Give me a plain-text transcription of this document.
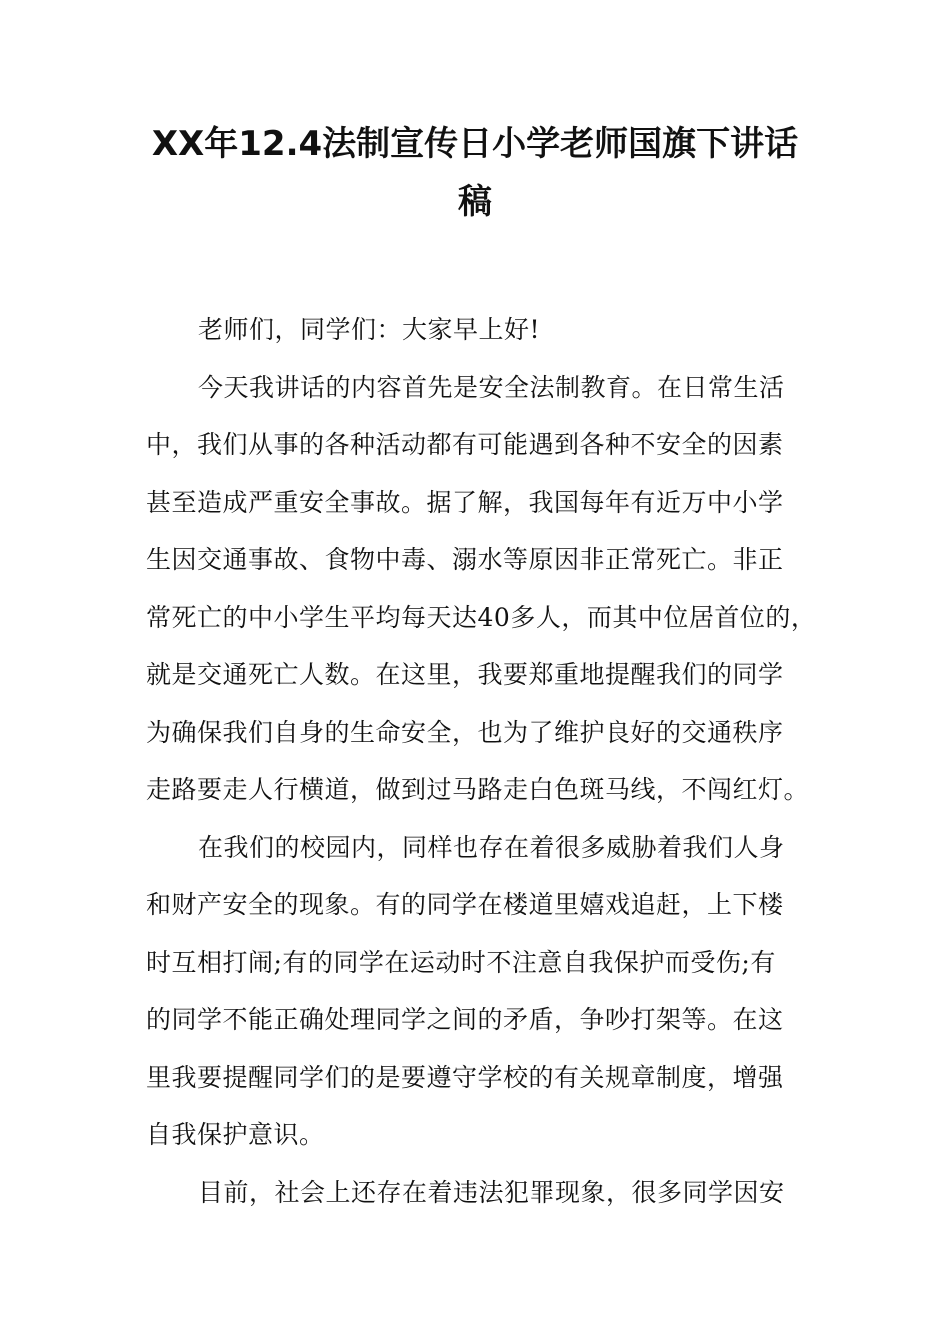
XX年12.4法制宣传日小学老师国旗下讲话
稿
老师们，同学们：大家早上好!
今天我讲话的内容首先是安全法制教育。在日常生活
中，我们从事的各种活动都有可能遇到各种不安全的因素
甚至造成严重安全事故。据了解，我国每年有近万中小学
生因交通事故、食物中毒、溺水等原因非正常死亡。非正
常死亡的中小学生平均每天达40多人，而其中位居首位的，
就是交通死亡人数。在这里，我要郑重地提醒我们的同学
为确保我们自身的生命安全，也为了维护良好的交通秩序
走路要走人行横道，做到过马路走白色斑马线，不闯红灯。
在我们的校园内，同样也存在着很多威胁着我们人身
和财产安全的现象。有的同学在楼道里嬉戏追赶，上下楼
时互相打闹;有的同学在运动时不注意自我保护而受伤;有
的同学不能正确处理同学之间的矛盾，争吵打架等。在这
里我要提醒同学们的是要遵守学校的有关规章制度，增强
自我保护意识。
目前，社会上还存在着违法犯罪现象，很多同学因安
